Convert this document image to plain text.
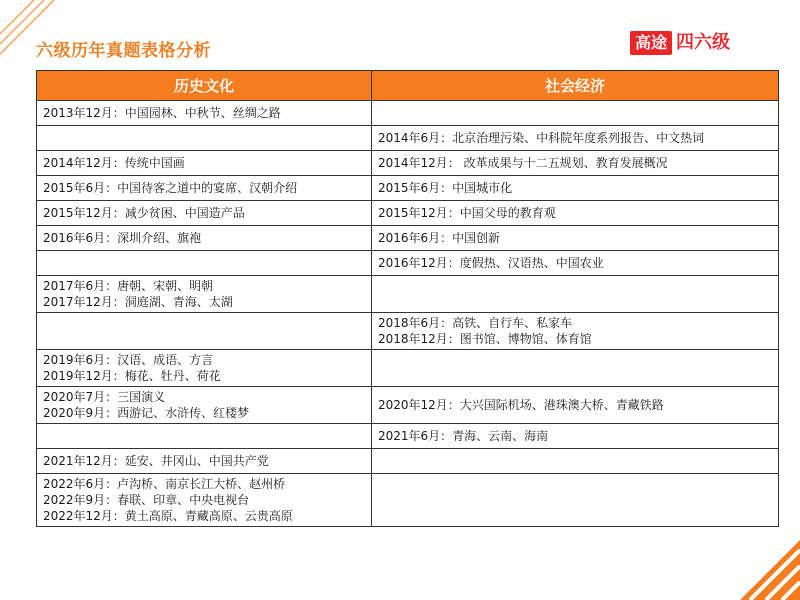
六级历年真题表格分析	高途 四六级
历史文化	社会经济

2013年12月：中国园林、中秋节、丝绸之路	

	2014年6月：北京治理污染、中科院年度系列报告、中文热词

2014年12月：传统中国画	2014年12月： 改革成果与十二五规划、教育发展概况

2015年6月：中国待客之道中的宴席、汉朝介绍	2015年6月：中国城市化

2015年12月：减少贫困、中国造产品	2015年12月：中国父母的教育观

2016年6月：深圳介绍、旗袍	2016年6月：中国创新

	2016年12月：度假热、汉语热、中国农业

2017年6月：唐朝、宋朝、明朝
2017年12月：洞庭湖、青海、太湖	

	2018年6月：高铁、自行车、私家车
2018年12月：图书馆、博物馆、体育馆

2019年6月：汉语、成语、方言
2019年12月：梅花、牡丹、荷花	

2020年7月：三国演义
2020年9月：西游记、水浒传、红楼梦	2020年12月：大兴国际机场、港珠澳大桥、青藏铁路

	2021年6月：青海、云南、海南

2021年12月：延安、井冈山、中国共产党	

2022年6月：卢沟桥、南京长江大桥、赵州桥
2022年9月：春联、印章、中央电视台
2022年12月：黄土高原、青藏高原、云贵高原	
